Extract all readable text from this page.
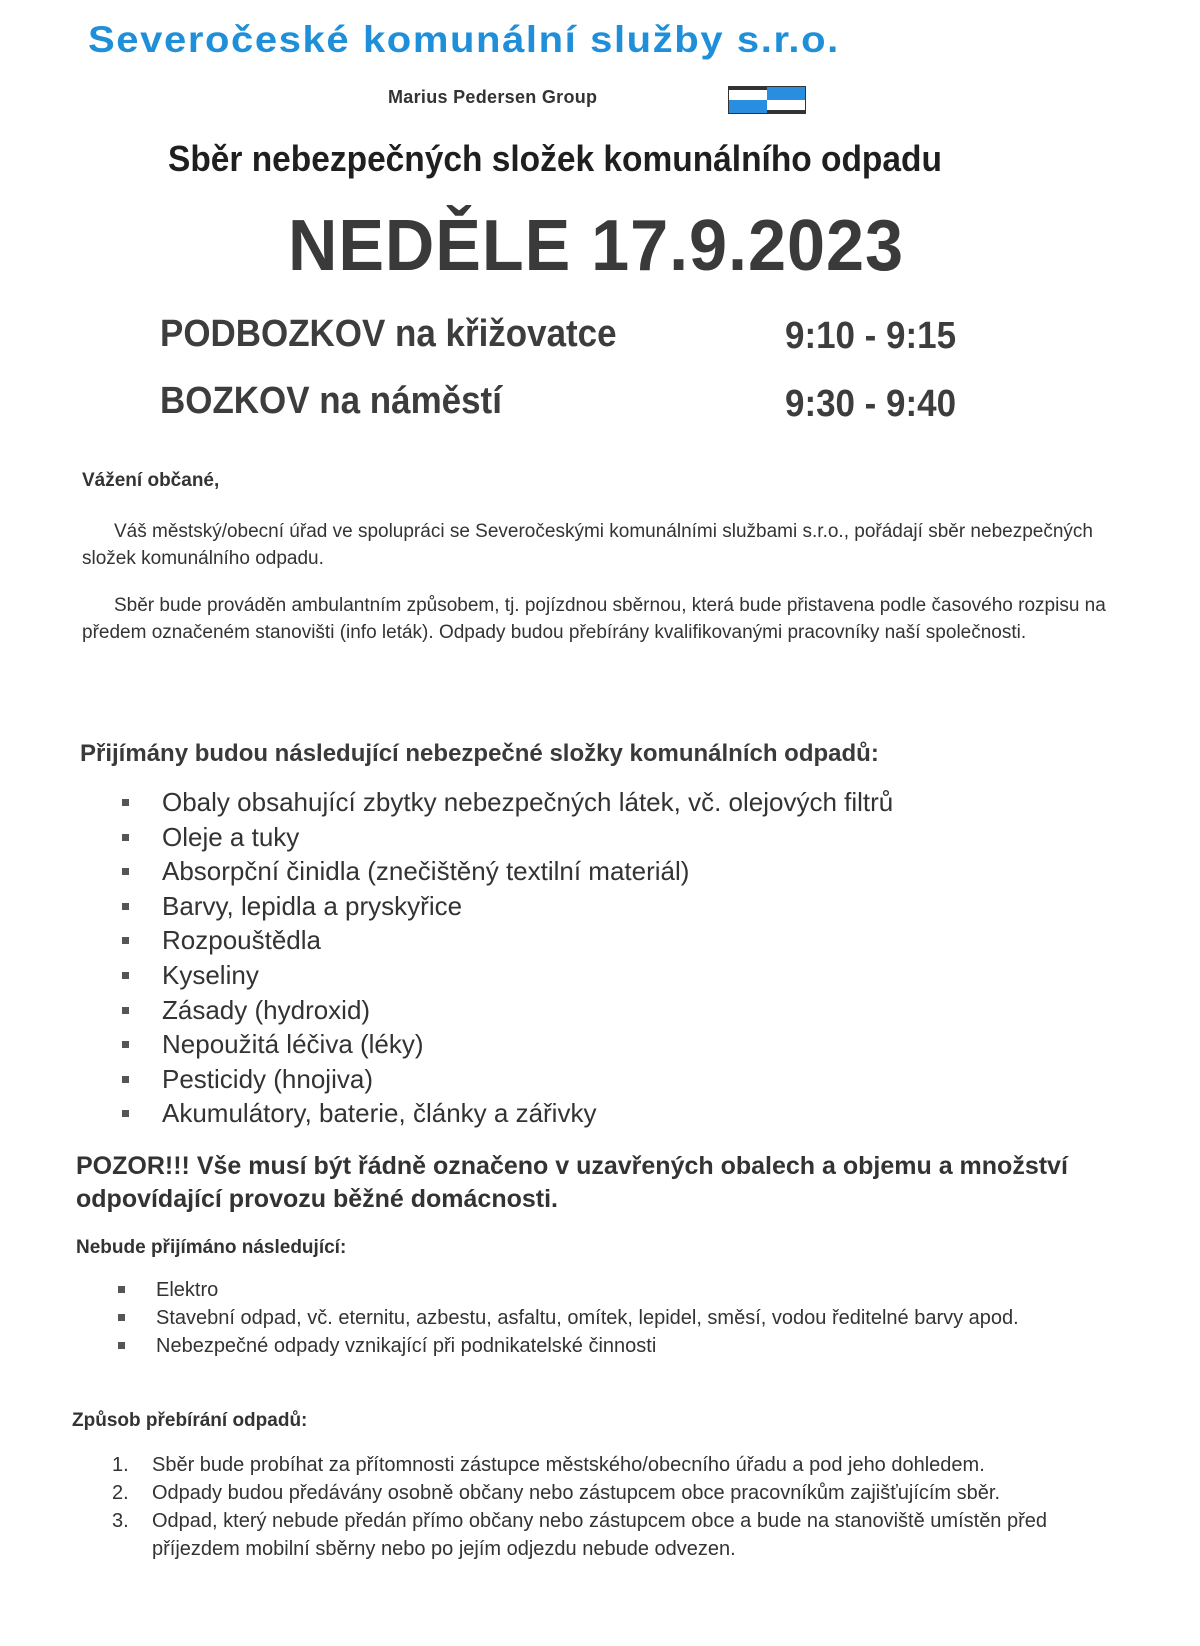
Severočeské komunální služby s.r.o.
Marius Pedersen Group
Sběr nebezpečných složek komunálního odpadu
NEDĚLE 17.9.2023
PODBOZKOV na křižovatce	9:10 - 9:15
BOZKOV na náměstí	9:30 - 9:40
Vážení občané,
Váš městský/obecní úřad ve spolupráci se Severočeskými komunálními službami s.r.o., pořádají sběr nebezpečných složek komunálního odpadu.
Sběr bude prováděn ambulantním způsobem, tj. pojízdnou sběrnou, která bude přistavena podle časového rozpisu na předem označeném stanovišti (info leták). Odpady budou přebírány kvalifikovanými pracovníky naší společnosti.
Přijímány budou následující nebezpečné složky komunálních odpadů:
Obaly obsahující zbytky nebezpečných látek, vč. olejových filtrů
Oleje a tuky
Absorpční činidla (znečištěný textilní materiál)
Barvy, lepidla a pryskyřice
Rozpouštědla
Kyseliny
Zásady (hydroxid)
Nepoužitá léčiva (léky)
Pesticidy (hnojiva)
Akumulátory, baterie, články a zářivky
POZOR!!! Vše musí být řádně označeno v uzavřených obalech a objemu a množství odpovídající provozu běžné domácnosti.
Nebude přijímáno následující:
Elektro
Stavební odpad, vč. eternitu, azbestu, asfaltu, omítek, lepidel, směsí, vodou ředitelné barvy apod.
Nebezpečné odpady vznikající při podnikatelské činnosti
Způsob přebírání odpadů:
1. Sběr bude probíhat za přítomnosti zástupce městského/obecního úřadu a pod jeho dohledem.
2. Odpady budou předávány osobně občany nebo zástupcem obce pracovníkům zajišťujícím sběr.
3. Odpad, který nebude předán přímo občany nebo zástupcem obce a bude na stanoviště umístěn před příjezdem mobilní sběrny nebo po jejím odjezdu nebude odvezen.
